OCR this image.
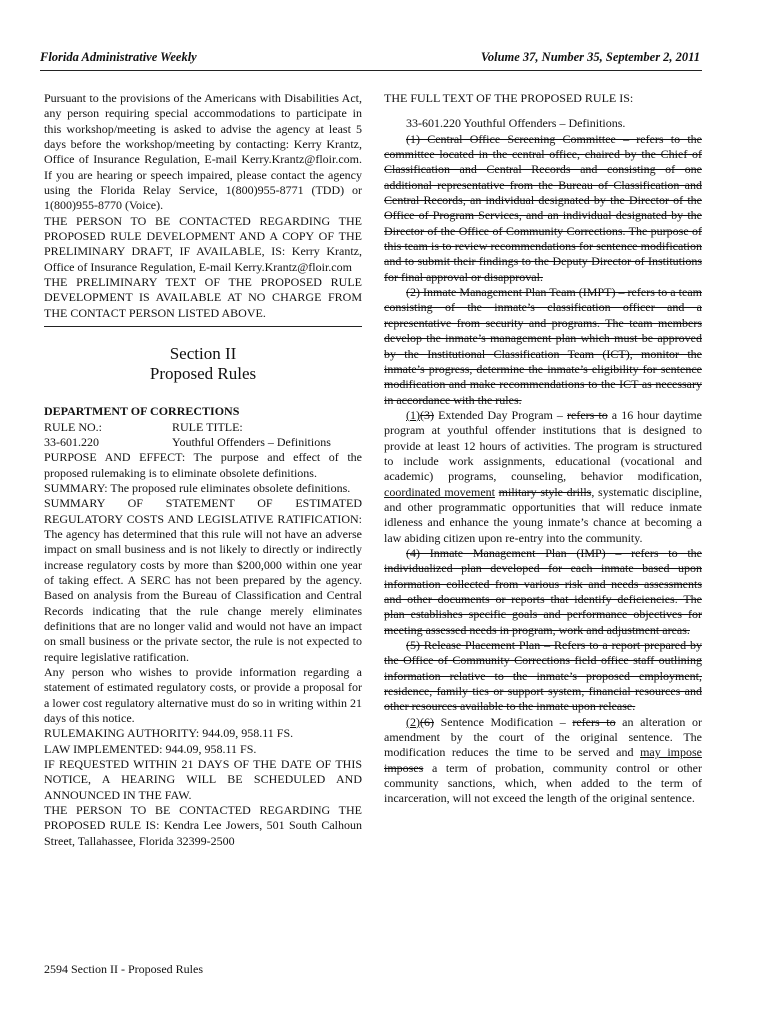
Florida Administrative Weekly	Volume 37, Number 35, September 2, 2011

Pursuant to the provisions of the Americans with Disabilities Act, any person requiring special accommodations to participate in this workshop/meeting is asked to advise the agency at least 5 days before the workshop/meeting by contacting: Kerry Krantz, Office of Insurance Regulation, E-mail Kerry.Krantz@floir.com. If you are hearing or speech impaired, please contact the agency using the Florida Relay Service, 1(800)955-8771 (TDD) or 1(800)955-8770 (Voice).

THE PERSON TO BE CONTACTED REGARDING THE PROPOSED RULE DEVELOPMENT AND A COPY OF THE PRELIMINARY DRAFT, IF AVAILABLE, IS: Kerry Krantz, Office of Insurance Regulation, E-mail Kerry.Krantz@floir.com

THE PRELIMINARY TEXT OF THE PROPOSED RULE DEVELOPMENT IS AVAILABLE AT NO CHARGE FROM THE CONTACT PERSON LISTED ABOVE.

Section II
Proposed Rules

DEPARTMENT OF CORRECTIONS

RULE NO.:	RULE TITLE:
33-601.220	Youthful Offenders – Definitions

PURPOSE AND EFFECT: The purpose and effect of the proposed rulemaking is to eliminate obsolete definitions.

SUMMARY: The proposed rule eliminates obsolete definitions.

SUMMARY OF STATEMENT OF ESTIMATED REGULATORY COSTS AND LEGISLATIVE RATIFICATION: The agency has determined that this rule will not have an adverse impact on small business and is not likely to directly or indirectly increase regulatory costs by more than $200,000 within one year of taking effect. A SERC has not been prepared by the agency. Based on analysis from the Bureau of Classification and Central Records indicating that the rule change merely eliminates definitions that are no longer valid and would not have an impact on small business or the private sector, the rule is not expected to require legislative ratification.

Any person who wishes to provide information regarding a statement of estimated regulatory costs, or provide a proposal for a lower cost regulatory alternative must do so in writing within 21 days of this notice.

RULEMAKING AUTHORITY: 944.09, 958.11 FS.

LAW IMPLEMENTED: 944.09, 958.11 FS.

IF REQUESTED WITHIN 21 DAYS OF THE DATE OF THIS NOTICE, A HEARING WILL BE SCHEDULED AND ANNOUNCED IN THE FAW.

THE PERSON TO BE CONTACTED REGARDING THE PROPOSED RULE IS: Kendra Lee Jowers, 501 South Calhoun Street, Tallahassee, Florida 32399-2500

THE FULL TEXT OF THE PROPOSED RULE IS:

33-601.220 Youthful Offenders – Definitions.

(1) Central Office Screening Committee – refers to the committee located in the central office, chaired by the Chief of Classification and Central Records and consisting of one additional representative from the Bureau of Classification and Central Records, an individual designated by the Director of the Office of Program Services, and an individual designated by the Director of the Office of Community Corrections. The purpose of this team is to review recommendations for sentence modification and to submit their findings to the Deputy Director of Institutions for final approval or disapproval.

(2) Inmate Management Plan Team (IMPT) – refers to a team consisting of the inmate’s classification officer and a representative from security and programs. The team members develop the inmate’s management plan which must be approved by the Institutional Classification Team (ICT), monitor the inmate’s progress, determine the inmate’s eligibility for sentence modification and make recommendations to the ICT as necessary in accordance with the rules.

(1)(3) Extended Day Program – refers to a 16 hour daytime program at youthful offender institutions that is designed to provide at least 12 hours of activities. The program is structured to include work assignments, educational (vocational and academic) programs, counseling, behavior modification, coordinated movement military style drills, systematic discipline, and other programmatic opportunities that will reduce inmate idleness and enhance the young inmate’s chance at becoming a law abiding citizen upon re-entry into the community.

(4) Inmate Management Plan (IMP) – refers to the individualized plan developed for each inmate based upon information collected from various risk and needs assessments and other documents or reports that identify deficiencies. The plan establishes specific goals and performance objectives for meeting assessed needs in program, work and adjustment areas.

(5) Release Placement Plan – Refers to a report prepared by the Office of Community Corrections field office staff outlining information relative to the inmate’s proposed employment, residence, family ties or support system, financial resources and other resources available to the inmate upon release.

(2)(6) Sentence Modification – refers to an alteration or amendment by the court of the original sentence. The modification reduces the time to be served and may impose imposes a term of probation, community control or other community sanctions, which, when added to the term of incarceration, will not exceed the length of the original sentence.

2594 Section II - Proposed Rules
